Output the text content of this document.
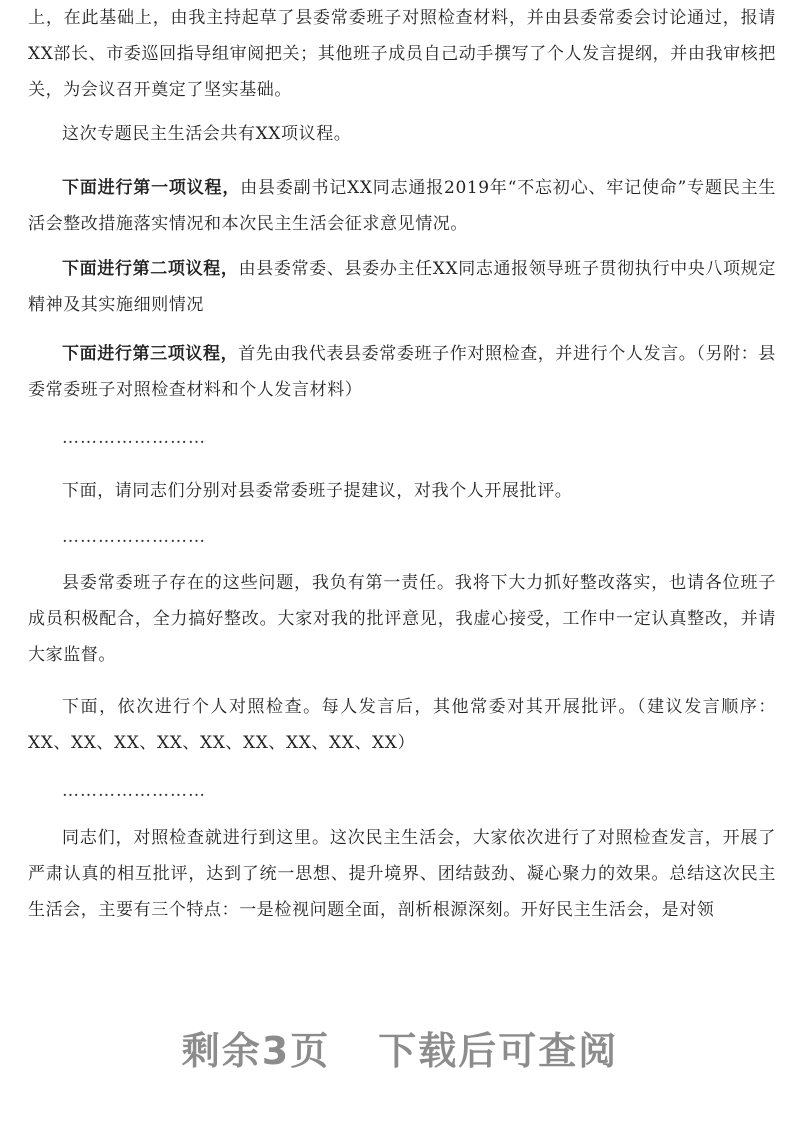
上，在此基础上，由我主持起草了县委常委班子对照检查材料，并由县委常委会讨论通过，报请XX部长、市委巡回指导组审阅把关；其他班子成员自己动手撰写了个人发言提纲，并由我审核把关，为会议召开奠定了坚实基础。

这次专题民主生活会共有XX项议程。

下面进行第一项议程，由县委副书记XX同志通报2019年“不忘初心、牢记使命”专题民主生活会整改措施落实情况和本次民主生活会征求意见情况。

下面进行第二项议程，由县委常委、县委办主任XX同志通报领导班子贯彻执行中央八项规定精神及其实施细则情况

下面进行第三项议程，首先由我代表县委常委班子作对照检查，并进行个人发言。（另附：县委常委班子对照检查材料和个人发言材料）

……………………

下面，请同志们分别对县委常委班子提建议，对我个人开展批评。

……………………

县委常委班子存在的这些问题，我负有第一责任。我将下大力抓好整改落实，也请各位班子成员积极配合，全力搞好整改。大家对我的批评意见，我虚心接受，工作中一定认真整改，并请大家监督。

下面，依次进行个人对照检查。每人发言后，其他常委对其开展批评。（建议发言顺序：XX、XX、XX、XX、XX、XX、XX、XX、XX）

……………………

同志们，对照检查就进行到这里。这次民主生活会，大家依次进行了对照检查发言，开展了严肃认真的相互批评，达到了统一思想、提升境界、团结鼓劲、凝心聚力的效果。总结这次民主生活会，主要有三个特点：一是检视问题全面，剖析根源深刻。开好民主生活会，是对领

剩余3页 下载后可查阅
